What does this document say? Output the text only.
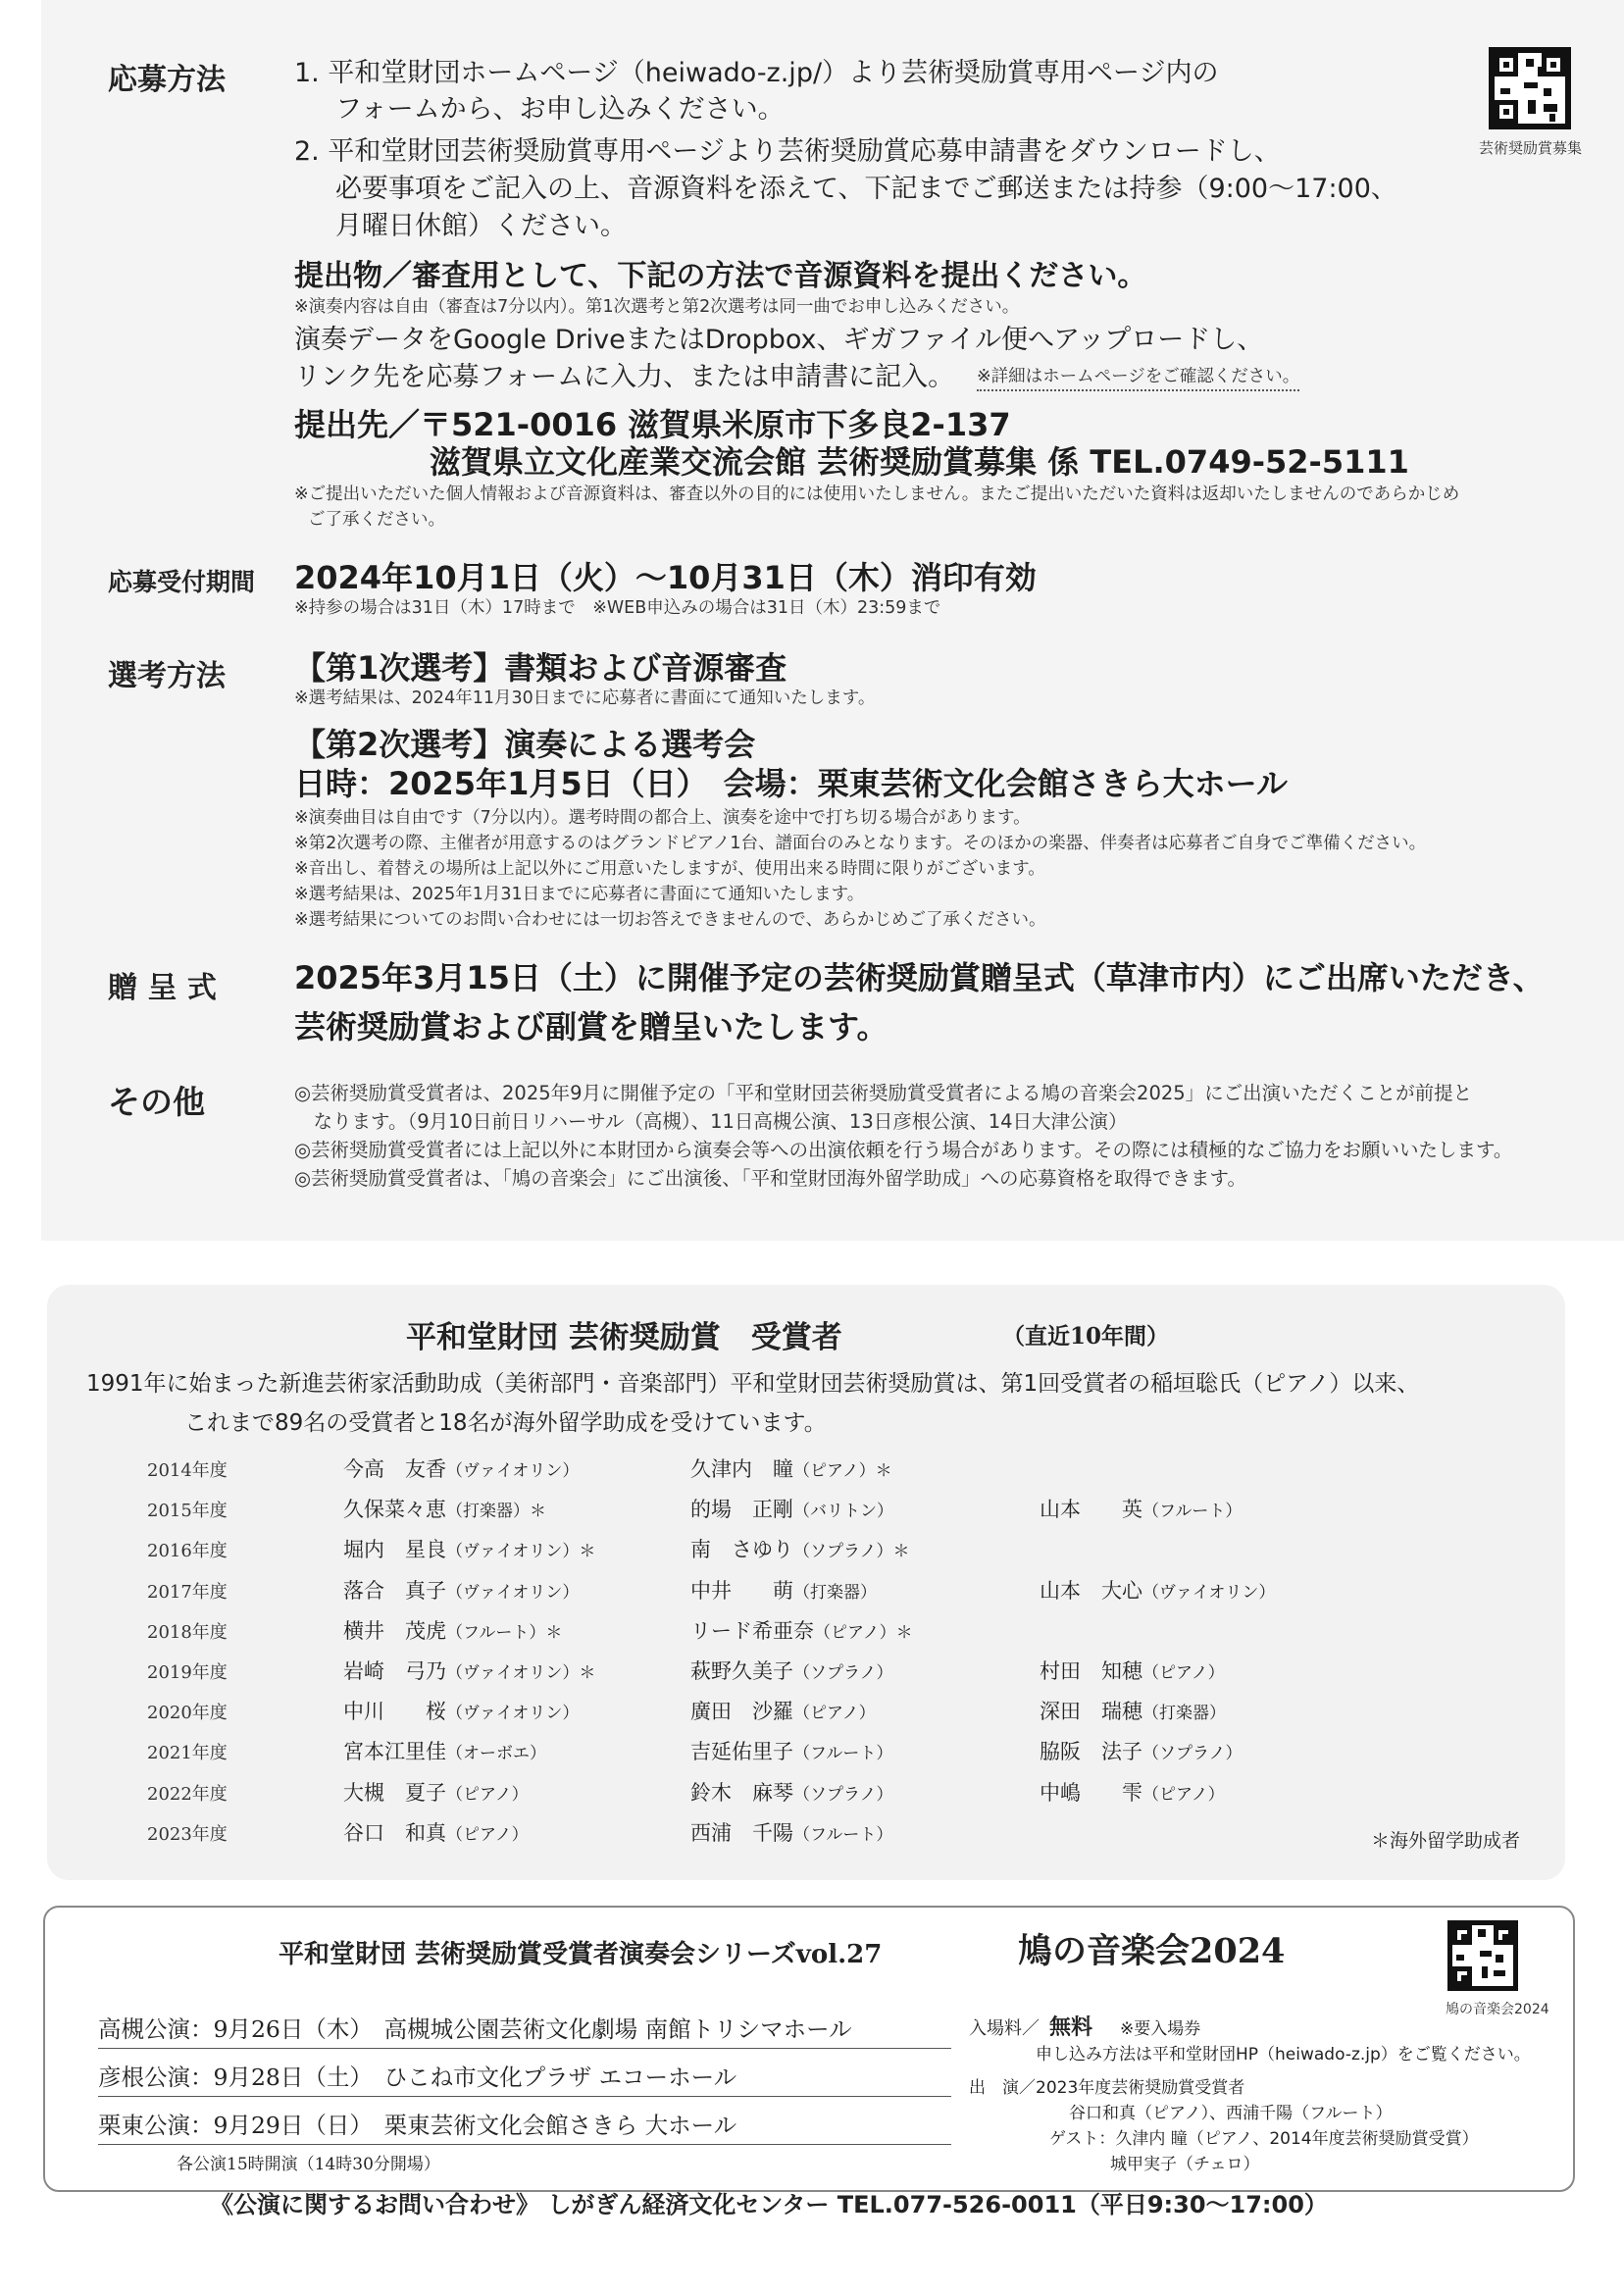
芸術奨励賞募集
応募方法	1. 平和堂財団ホームページ（heiwado-z.jp/）より芸術奨励賞専用ページ内の
フォームから、お申し込みください。
2. 平和堂財団芸術奨励賞専用ページより芸術奨励賞応募申請書をダウンロードし、
必要事項をご記入の上、音源資料を添えて、下記までご郵送または持参（9:00〜17:00、
月曜日休館）ください。
提出物／審査用として、下記の方法で音源資料を提出ください。
※演奏内容は自由（審査は7分以内）。第1次選考と第2次選考は同一曲でお申し込みください。
演奏データをGoogle DriveまたはDropbox、ギガファイル便へアップロードし、
リンク先を応募フォームに入力、または申請書に記入。 ※詳細はホームページをご確認ください。
提出先／〒521-0016 滋賀県米原市下多良2-137
滋賀県立文化産業交流会館 芸術奨励賞募集 係 TEL.0749-52-5111
※ご提出いただいた個人情報および音源資料は、審査以外の目的には使用いたしません。またご提出いただいた資料は返却いたしませんのであらかじめ
ご了承ください。
応募受付期間 2024年10月1日（火）〜10月31日（木）消印有効
※持参の場合は31日（木）17時まで　※WEB申込みの場合は31日（木）23:59まで
選考方法 【第1次選考】書類および音源審査
※選考結果は、2024年11月30日までに応募者に書面にて通知いたします。
【第2次選考】演奏による選考会
日時：2025年1月5日（日）　会場：栗東芸術文化会館さきら大ホール
※演奏曲目は自由です（7分以内）。選考時間の都合上、演奏を途中で打ち切る場合があります。
※第2次選考の際、主催者が用意するのはグランドピアノ1台、譜面台のみとなります。そのほかの楽器、伴奏者は応募者ご自身でご準備ください。
※音出し、着替えの場所は上記以外にご用意いたしますが、使用出来る時間に限りがございます。
※選考結果は、2025年1月31日までに応募者に書面にて通知いたします。
※選考結果についてのお問い合わせには一切お答えできませんので、あらかじめご了承ください。
贈 呈 式 2025年3月15日（土）に開催予定の芸術奨励賞贈呈式（草津市内）にご出席いただき、
芸術奨励賞および副賞を贈呈いたします。
その他	◎芸術奨励賞受賞者は、2025年9月に開催予定の「平和堂財団芸術奨励賞受賞者による鳩の音楽会2025」にご出演いただくことが前提と
　なります。（9月10日前日リハーサル（高槻）、11日高槻公演、13日彦根公演、14日大津公演）
◎芸術奨励賞受賞者には上記以外に本財団から演奏会等への出演依頼を行う場合があります。その際には積極的なご協力をお願いいたします。
◎芸術奨励賞受賞者は、「鳩の音楽会」にご出演後、「平和堂財団海外留学助成」への応募資格を取得できます。
平和堂財団 芸術奨励賞　受賞者	（直近10年間）
1991年に始まった新進芸術家活動助成（美術部門・音楽部門）平和堂財団芸術奨励賞は、第1回受賞者の稲垣聡氏（ピアノ）以来、
これまで89名の受賞者と18名が海外留学助成を受けています。
2014年度	今高　友香（ヴァイオリン）	久津内　瞳（ピアノ）＊
2015年度	久保菜々恵（打楽器）＊	的場　正剛（バリトン）	山本　　英（フルート）
2016年度	堀内　星良（ヴァイオリン）＊	南　さゆり（ソプラノ）＊
2017年度	落合　真子（ヴァイオリン）	中井　　萌（打楽器）	山本　大心（ヴァイオリン）
2018年度	横井　茂虎（フルート）＊	リード希亜奈（ピアノ）＊
2019年度	岩崎　弓乃（ヴァイオリン）＊	萩野久美子（ソプラノ）	村田　知穂（ピアノ）
2020年度	中川　　桜（ヴァイオリン）	廣田　沙羅（ピアノ）	深田　瑞穂（打楽器）
2021年度	宮本江里佳（オーボエ）	吉延佑里子（フルート）	脇阪　法子（ソプラノ）
2022年度	大槻　夏子（ピアノ）	鈴木　麻琴（ソプラノ）	中嶋　　雫（ピアノ）
2023年度	谷口　和真（ピアノ）	西浦　千陽（フルート）	＊海外留学助成者
平和堂財団 芸術奨励賞受賞者演奏会シリーズvol.27	鳩の音楽会2024
鳩の音楽会2024
高槻公演：9月26日（木）　高槻城公園芸術文化劇場 南館トリシマホール
彦根公演：9月28日（土）　ひこね市文化プラザ エコーホール
栗東公演：9月29日（日）　栗東芸術文化会館さきら 大ホール
各公演15時開演（14時30分開場）
入場料／ 無料 ※要入場券
申し込み方法は平和堂財団HP（heiwado-z.jp）をご覧ください。
出　演／2023年度芸術奨励賞受賞者
谷口和真（ピアノ）、西浦千陽（フルート）
ゲスト：久津内 瞳（ピアノ、2014年度芸術奨励賞受賞）
城甲実子（チェロ）
《公演に関するお問い合わせ》 しがぎん経済文化センター TEL.077-526-0011（平日9:30〜17:00）
